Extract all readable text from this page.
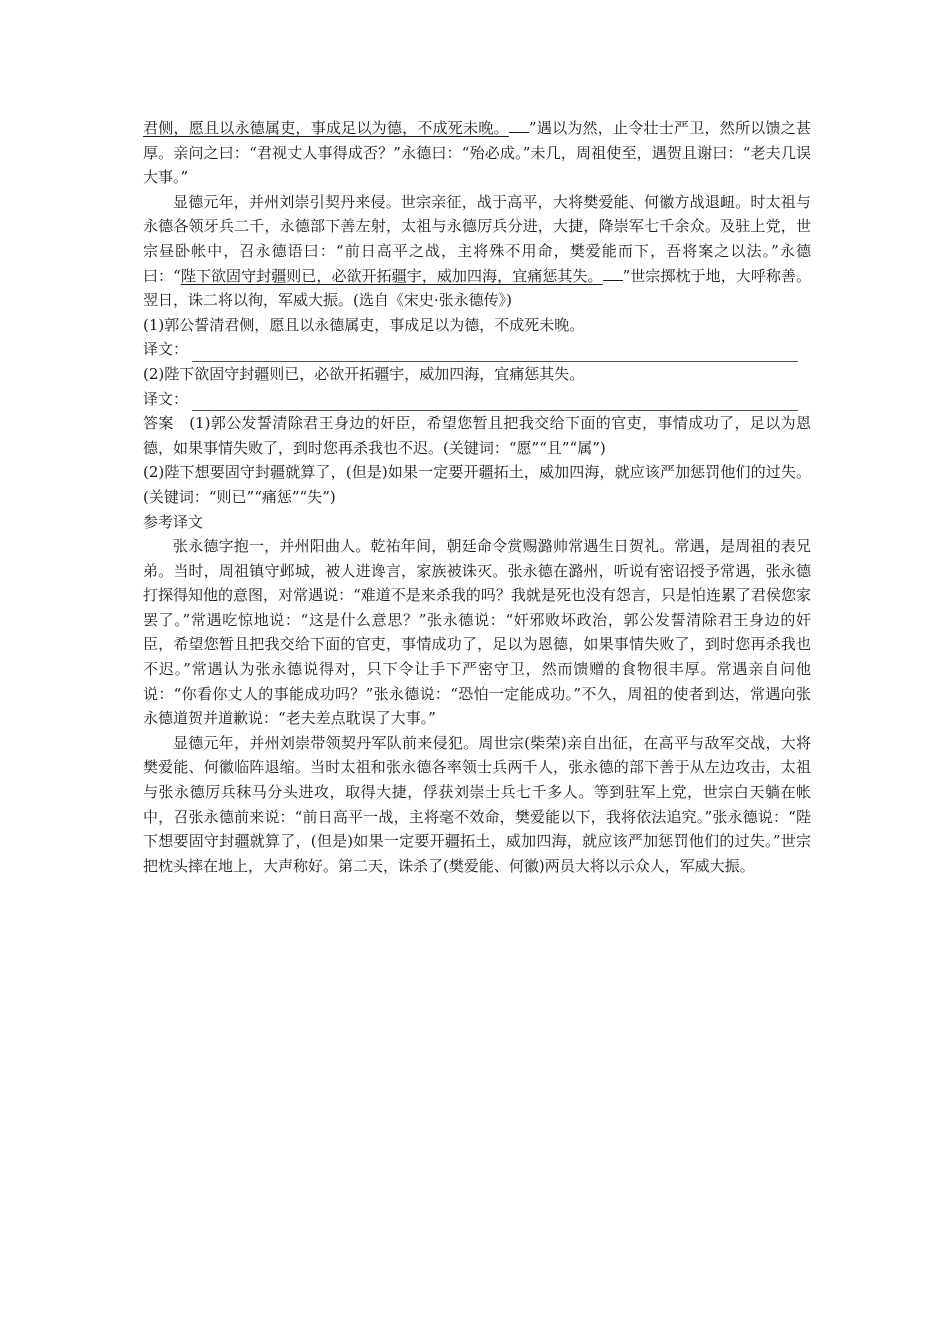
君侧，愿且以永德属吏，事成足以为德，不成死未晚。 ”遇以为然，止令壮士严卫，然所以馈之甚厚。亲问之曰：“君视丈人事得成否？”永德曰：“殆必成。”未几，周祖使至，遇贺且谢曰：“老夫几误大事。”

显德元年，并州刘崇引契丹来侵。世宗亲征，战于高平，大将樊爱能、何徽方战退衄。时太祖与永德各领牙兵二千，永德部下善左射，太祖与永德厉兵分进，大捷，降崇军七千余众。及驻上党，世宗昼卧帐中，召永德语曰：“前日高平之战，主将殊不用命，樊爱能而下，吾将案之以法。”永德曰：“陛下欲固守封疆则已，必欲开拓疆宇，威加四海，宜痛惩其失。 ”世宗掷枕于地，大呼称善。翌日，诛二将以徇，军威大振。(选自《宋史·张永德传》)

(1)郭公誓清君侧，愿且以永德属吏，事成足以为德，不成死未晚。

译文：

(2)陛下欲固守封疆则已，必欲开拓疆宇，威加四海，宜痛惩其失。

译文：

答案　(1)郭公发誓清除君王身边的奸臣，希望您暂且把我交给下面的官吏，事情成功了，足以为恩德，如果事情失败了，到时您再杀我也不迟。(关键词：“愿”“且”“属”)

(2)陛下想要固守封疆就算了，(但是)如果一定要开疆拓土，威加四海，就应该严加惩罚他们的过失。(关键词：“则已”“痛惩”“失”)

参考译文

张永德字抱一，并州阳曲人。乾祐年间，朝廷命令赏赐潞帅常遇生日贺礼。常遇，是周祖的表兄弟。当时，周祖镇守邺城，被人进谗言，家族被诛灭。张永德在潞州，听说有密诏授予常遇，张永德打探得知他的意图，对常遇说：“难道不是来杀我的吗？我就是死也没有怨言，只是怕连累了君侯您家罢了。”常遇吃惊地说：“这是什么意思？”张永德说：“奸邪败坏政治，郭公发誓清除君王身边的奸臣，希望您暂且把我交给下面的官吏，事情成功了，足以为恩德，如果事情失败了，到时您再杀我也不迟。”常遇认为张永德说得对，只下令让手下严密守卫，然而馈赠的食物很丰厚。常遇亲自问他说：“你看你丈人的事能成功吗？”张永德说：“恐怕一定能成功。”不久，周祖的使者到达，常遇向张永德道贺并道歉说：“老夫差点耽误了大事。”

显德元年，并州刘崇带领契丹军队前来侵犯。周世宗(柴荣)亲自出征，在高平与敌军交战，大将樊爱能、何徽临阵退缩。当时太祖和张永德各率领士兵两千人，张永德的部下善于从左边攻击，太祖与张永德厉兵秣马分头进攻，取得大捷，俘获刘崇士兵七千多人。等到驻军上党，世宗白天躺在帐中，召张永德前来说：“前日高平一战，主将毫不效命，樊爱能以下，我将依法追究。”张永德说：“陛下想要固守封疆就算了，(但是)如果一定要开疆拓土，威加四海，就应该严加惩罚他们的过失。”世宗把枕头摔在地上，大声称好。第二天，诛杀了(樊爱能、何徽)两员大将以示众人，军威大振。
